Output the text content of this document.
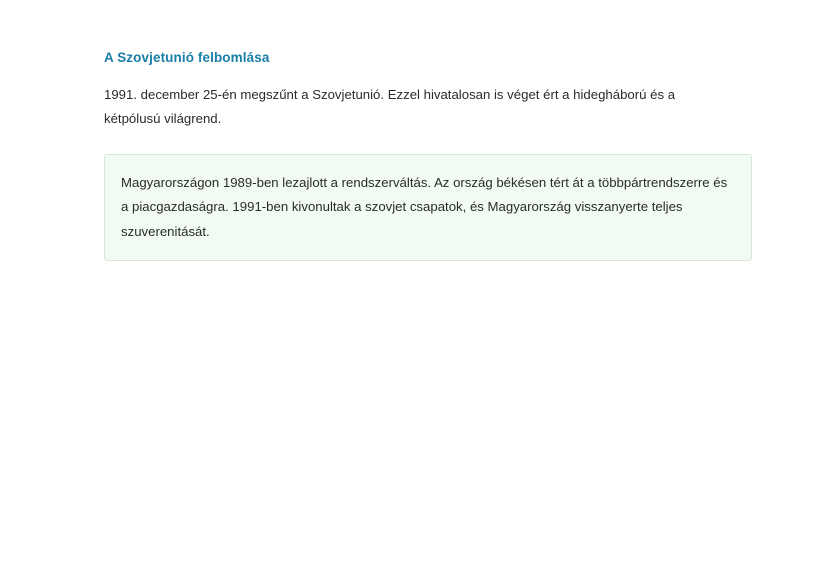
A Szovjetunió felbomlása

1991. december 25-én megszűnt a Szovjetunió. Ezzel hivatalosan is véget ért a hidegháború és a kétpólusú világrend.

Magyarországon 1989-ben lezajlott a rendszerváltás. Az ország békésen tért át a többpártrendszerre és a piacgazdaságra. 1991-ben kivonultak a szovjet csapatok, és Magyarország visszanyerte teljes szuverenitását.
